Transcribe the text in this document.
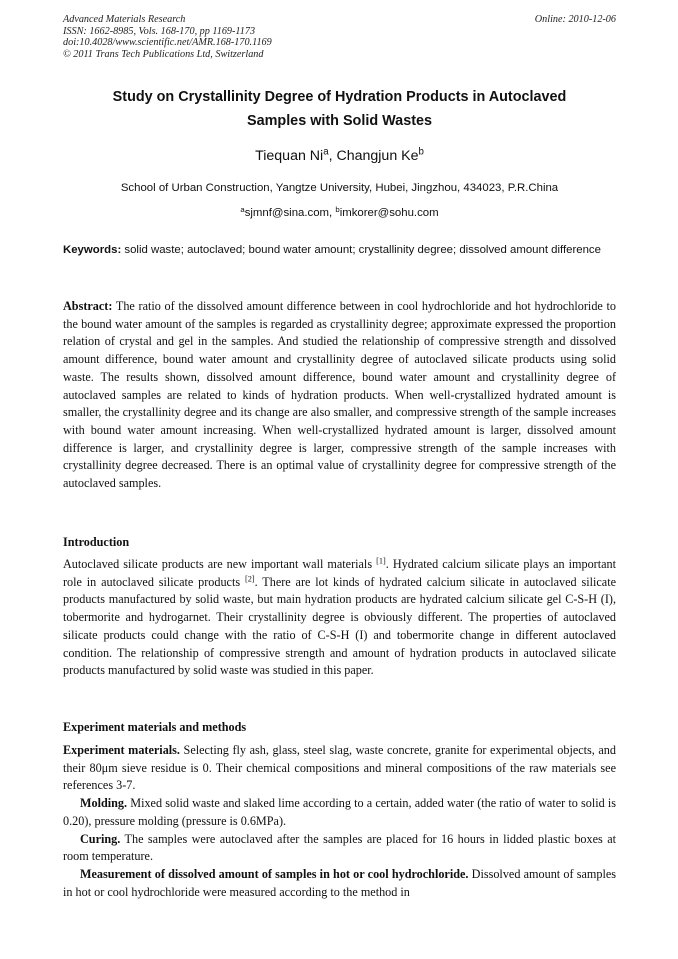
Advanced Materials Research
ISSN: 1662-8985, Vols. 168-170, pp 1169-1173
doi:10.4028/www.scientific.net/AMR.168-170.1169
© 2011 Trans Tech Publications Ltd, Switzerland
Online: 2010-12-06
Study on Crystallinity Degree of Hydration Products in Autoclaved
Samples with Solid Wastes
Tiequan Ni$^a$, Changjun Ke$^b$
School of Urban Construction, Yangtze University, Hubei, Jingzhou, 434023, P.R.China
$^a$sjmnf@sina.com, $^b$imkorer@sohu.com
Keywords: solid waste; autoclaved; bound water amount; crystallinity degree; dissolved amount difference

Abstract: The ratio of the dissolved amount difference between in cool hydrochloride and hot hydrochloride to the bound water amount of the samples is regarded as crystallinity degree; approximate expressed the proportion relation of crystal and gel in the samples. And studied the relationship of compressive strength and dissolved amount difference, bound water amount and crystallinity degree of autoclaved silicate products using solid waste. The results shown, dissolved amount difference, bound water amount and crystallinity degree of autoclaved samples are related to kinds of hydration products. When well-crystallized hydrated amount is smaller, the crystallinity degree and its change are also smaller, and compressive strength of the sample increases with bound water amount increasing. When well-crystallized hydrated amount is larger, dissolved amount difference is larger, and crystallinity degree is larger, compressive strength of the sample increases with crystallinity degree decreased. There is an optimal value of crystallinity degree for compressive strength of the autoclaved samples.

Introduction

Autoclaved silicate products are new important wall materials [1]. Hydrated calcium silicate plays an important role in autoclaved silicate products [2]. There are lot kinds of hydrated calcium silicate in autoclaved silicate products manufactured by solid waste, but main hydration products are hydrated calcium silicate gel C-S-H (I), tobermorite and hydrogarnet. Their crystallinity degree is obviously different. The properties of autoclaved silicate products could change with the ratio of C-S-H (I) and tobermorite change in different autoclaved condition. The relationship of compressive strength and amount of hydration products in autoclaved silicate products manufactured by solid waste was studied in this paper.

Experiment materials and methods

Experiment materials. Selecting fly ash, glass, steel slag, waste concrete, granite for experimental objects, and their 80μm sieve residue is 0. Their chemical compositions and mineral compositions of the raw materials see references 3-7.

Molding. Mixed solid waste and slaked lime according to a certain, added water (the ratio of water to solid is 0.20), pressure molding (pressure is 0.6MPa).

Curing. The samples were autoclaved after the samples are placed for 16 hours in lidded plastic boxes at room temperature.

Measurement of dissolved amount of samples in hot or cool hydrochloride. Dissolved amount of samples in hot or cool hydrochloride were measured according to the method in
